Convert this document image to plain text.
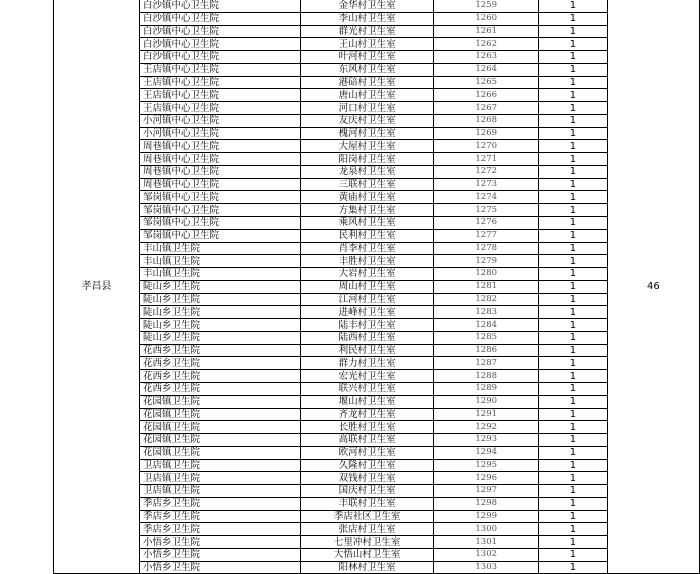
孝昌县	白沙镇中心卫生院	金华村卫生室	1259	1	46
	白沙镇中心卫生院	李山村卫生室	1260	1	
	白沙镇中心卫生院	群光村卫生室	1261	1	
	白沙镇中心卫生院	王山村卫生室	1262	1	
	白沙镇中心卫生院	叶河村卫生室	1263	1	
	王店镇中心卫生院	东风村卫生室	1264	1	
	王店镇中心卫生院	港碚村卫生室	1265	1	
	王店镇中心卫生院	唐山村卫生室	1266	1	
	王店镇中心卫生院	河口村卫生室	1267	1	
	小河镇中心卫生院	友庆村卫生室	1268	1	
	小河镇中心卫生院	槐河村卫生室	1269	1	
	周巷镇中心卫生院	大屋村卫生室	1270	1	
	周巷镇中心卫生院	阳岗村卫生室	1271	1	
	周巷镇中心卫生院	龙泉村卫生室	1272	1	
	周巷镇中心卫生院	三联村卫生室	1273	1	
	邹岗镇中心卫生院	黄庙村卫生室	1274	1	
	邹岗镇中心卫生院	方集村卫生室	1275	1	
	邹岗镇中心卫生院	乘风村卫生室	1276	1	
	邹岗镇中心卫生院	民利村卫生室	1277	1	
	丰山镇卫生院	肖李村卫生室	1278	1	
	丰山镇卫生院	丰胜村卫生室	1279	1	
	丰山镇卫生院	大岩村卫生室	1280	1	
	陡山乡卫生院	周山村卫生室	1281	1	
	陡山乡卫生院	江河村卫生室	1282	1	
	陡山乡卫生院	进峰村卫生室	1283	1	
	陡山乡卫生院	陆丰村卫生室	1284	1	
	陡山乡卫生院	陆西村卫生室	1285	1	
	花西乡卫生院	利民村卫生室	1286	1	
	花西乡卫生院	群力村卫生室	1287	1	
	花西乡卫生院	宏光村卫生室	1288	1	
	花西乡卫生院	联兴村卫生室	1289	1	
	花园镇卫生院	堰山村卫生室	1290	1	
	花园镇卫生院	齐龙村卫生室	1291	1	
	花园镇卫生院	长胜村卫生室	1292	1	
	花园镇卫生院	高联村卫生室	1293	1	
	花园镇卫生院	欧河村卫生室	1294	1	
	卫店镇卫生院	久隆村卫生室	1295	1	
	卫店镇卫生院	双钱村卫生室	1296	1	
	卫店镇卫生院	国庆村卫生室	1297	1	
	季店乡卫生院	丰联村卫生室	1298	1	
	季店乡卫生院	季店社区卫生室	1299	1	
	季店乡卫生院	张店村卫生室	1300	1	
	小悟乡卫生院	七里冲村卫生室	1301	1	
	小悟乡卫生院	大悟山村卫生室	1302	1	
	小悟乡卫生院	阳林村卫生室	1303	1	
